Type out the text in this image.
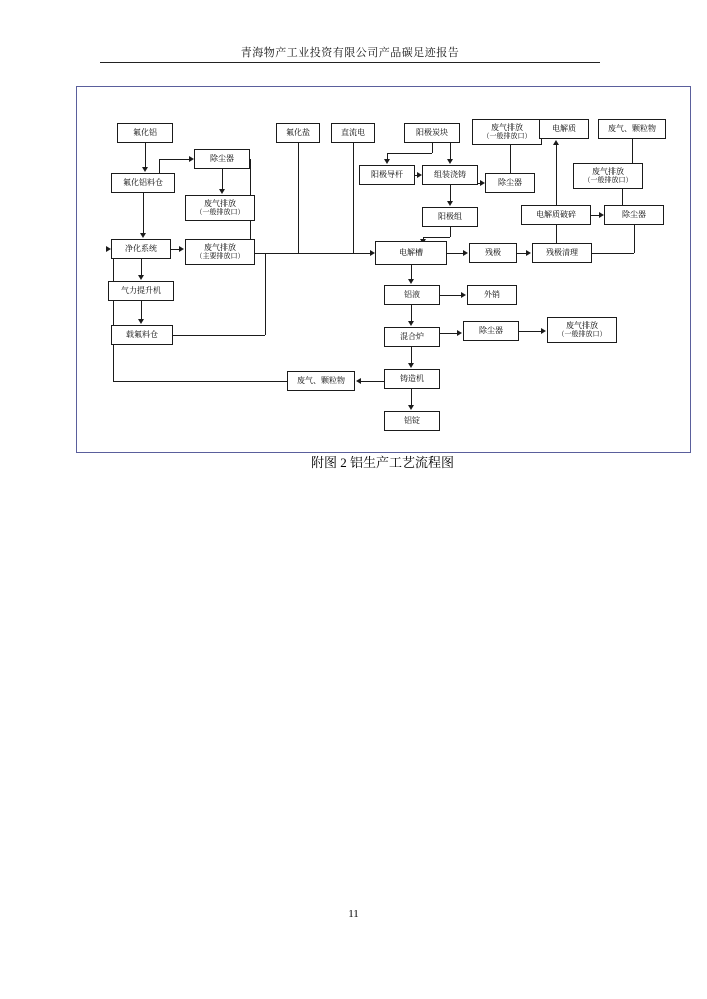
青海物产工业投资有限公司产品碳足迹报告
氟化铝
氟化铝料仓
净化系统
气力提升机
载氟料仓
除尘器
废气排放
（一般排放口）
废气排放
（主要排放口）
氟化盐	直流电	阳极炭块
废气排放
（一般排放口）
阳极导杆	组装浇铸
除尘器
阳极组
电解质	废气、颗粒物
废气排放
（一般排放口）
电解质破碎	除尘器
电解槽	残极	残极清理
铝液	外销
混合炉
除尘器
废气排放
（一般排放口）
铸造机
铝锭
废气、颗粒物
附图 2 铝生产工艺流程图
11
